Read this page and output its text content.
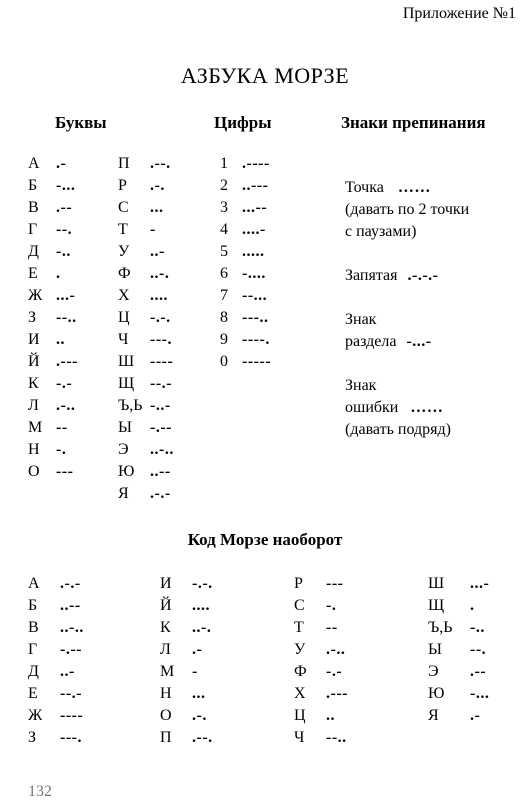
Приложение №1
АЗБУКА МОРЗЕ
Буквы	Цифры	Знаки препинания
А .-
Б -...
В .--
Г --.
Д -..
Е .
Ж ...-
З --..
И ..
Й .---
К -.-
Л .-..
М --
Н -.
О ---
П .--.
Р .-.
С ...
Т -
У ..-
Ф ..-.
Х ....
Ц -.-.
Ч ---.
Ш ----
Щ --.-
Ъ,Ь -..-
Ы -.--
Э ..-..
Ю ..--
Я .-.-
1 .----
2 ..---
3 ...--
4 ....-
5 .....
6 -....
7 --...
8 ---..
9 ----.
0 -----
Точка ……
(давать по 2 точки
с паузами)
Запятая .-.-.-
Знак
раздела -...-
Знак
ошибки ……
(давать подряд)
Код Морзе наоборот
А .-.-
Б ..--
В ..-..
Г -.--
Д ..-
Е --.-
Ж ----
З ---.
И -.-.
Й ....
К ..-.
Л .-
М -
Н ...
О .-.
П .--.
Р ---
С -.
Т --
У .-..
Ф -.-
Х .---
Ц ..
Ч --..
Ш ...-
Щ .
Ъ,Ь -..
Ы --.
Э .--
Ю -...
Я .-
132
